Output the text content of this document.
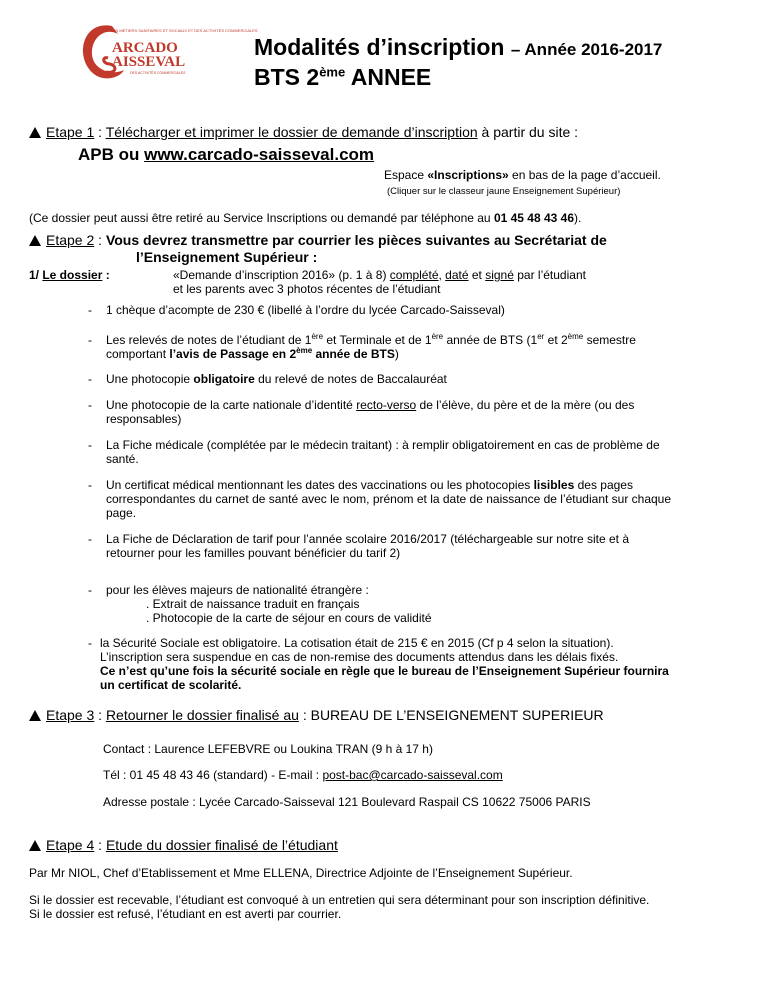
DES MÉTIERS SANITAIRES ET SOCIAUX ET DES ACTIVITÉS COMMERCIALES
ARCADO
AISSEVAL
DES ACTIVITÉS COMMERCIALES
Modalités d’inscription – Année 2016-2017
BTS 2ème ANNEE
Etape 1 : Télécharger et imprimer le dossier de demande d’inscription à partir du site :
APB ou www.carcado-saisseval.com
Espace «Inscriptions» en bas de la page d’accueil.
(Cliquer sur le classeur jaune Enseignement Supérieur)
(Ce dossier peut aussi être retiré au Service Inscriptions ou demandé par téléphone au 01 45 48 43 46).
Etape 2 : Vous devrez transmettre par courrier les pièces suivantes au Secrétariat de
l’Enseignement Supérieur :
1/ Le dossier :	«Demande d’inscription 2016» (p. 1 à 8) complété, daté et signé par l’étudiant
et les parents avec 3 photos récentes de l’étudiant
- 1 chèque d’acompte de 230 € (libellé à l’ordre du lycée Carcado-Saisseval)
- Les relevés de notes de l’étudiant de 1ère et Terminale et de 1ère année de BTS (1er et 2ème semestre
comportant l’avis de Passage en 2ème année de BTS)
- Une photocopie obligatoire du relevé de notes de Baccalauréat
- Une photocopie de la carte nationale d’identité recto-verso de l’élève, du père et de la mère (ou des
responsables)
- La Fiche médicale (complétée par le médecin traitant) : à remplir obligatoirement en cas de problème de
santé.
- Un certificat médical mentionnant les dates des vaccinations ou les photocopies lisibles des pages
correspondantes du carnet de santé avec le nom, prénom et la date de naissance de l’étudiant sur chaque
page.
- La Fiche de Déclaration de tarif pour l’année scolaire 2016/2017 (téléchargeable sur notre site et à
retourner pour les familles pouvant bénéficier du tarif 2)
- pour les élèves majeurs de nationalité étrangère :
. Extrait de naissance traduit en français
. Photocopie de la carte de séjour en cours de validité
- la Sécurité Sociale est obligatoire. La cotisation était de 215 € en 2015 (Cf p 4 selon la situation).
L’inscription sera suspendue en cas de non-remise des documents attendus dans les délais fixés.
Ce n’est qu’une fois la sécurité sociale en règle que le bureau de l’Enseignement Supérieur fournira
un certificat de scolarité.
Etape 3 : Retourner le dossier finalisé au : BUREAU DE L’ENSEIGNEMENT SUPERIEUR
Contact : Laurence LEFEBVRE ou Loukina TRAN (9 h à 17 h)
Tél : 01 45 48 43 46 (standard) - E-mail : post-bac@carcado-saisseval.com
Adresse postale : Lycée Carcado-Saisseval 121 Boulevard Raspail CS 10622 75006 PARIS
Etape 4 : Etude du dossier finalisé de l’étudiant
Par Mr NIOL, Chef d’Etablissement et Mme ELLENA, Directrice Adjointe de l’Enseignement Supérieur.
Si le dossier est recevable, l’étudiant est convoqué à un entretien qui sera déterminant pour son inscription définitive.
Si le dossier est refusé, l’étudiant en est averti par courrier.
